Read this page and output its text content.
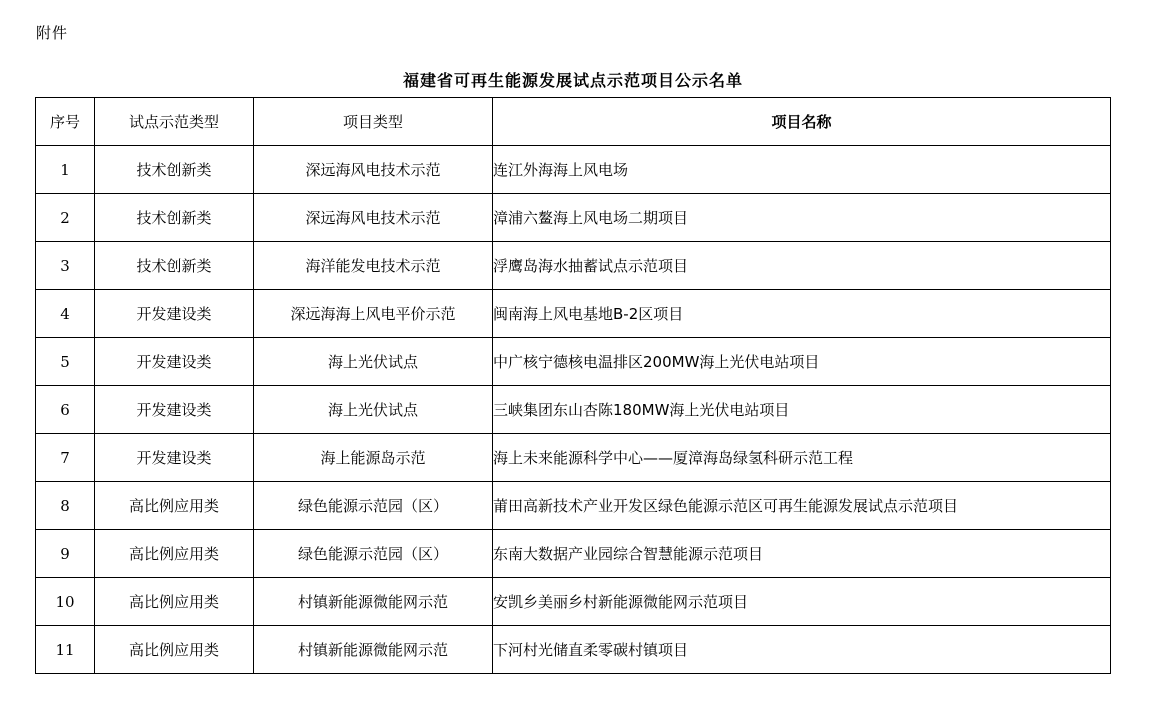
附件
福建省可再生能源发展试点示范项目公示名单
序号	试点示范类型	项目类型	项目名称
1	技术创新类	深远海风电技术示范	连江外海海上风电场
2	技术创新类	深远海风电技术示范	漳浦六鳌海上风电场二期项目
3	技术创新类	海洋能发电技术示范	浮鹰岛海水抽蓄试点示范项目
4	开发建设类	深远海海上风电平价示范	闽南海上风电基地B-2区项目
5	开发建设类	海上光伏试点	中广核宁德核电温排区200MW海上光伏电站项目
6	开发建设类	海上光伏试点	三峡集团东山杏陈180MW海上光伏电站项目
7	开发建设类	海上能源岛示范	海上未来能源科学中心——厦漳海岛绿氢科研示范工程
8	高比例应用类	绿色能源示范园（区）	莆田高新技术产业开发区绿色能源示范区可再生能源发展试点示范项目
9	高比例应用类	绿色能源示范园（区）	东南大数据产业园综合智慧能源示范项目
10	高比例应用类	村镇新能源微能网示范	安凯乡美丽乡村新能源微能网示范项目
11	高比例应用类	村镇新能源微能网示范	下河村光储直柔零碳村镇项目
